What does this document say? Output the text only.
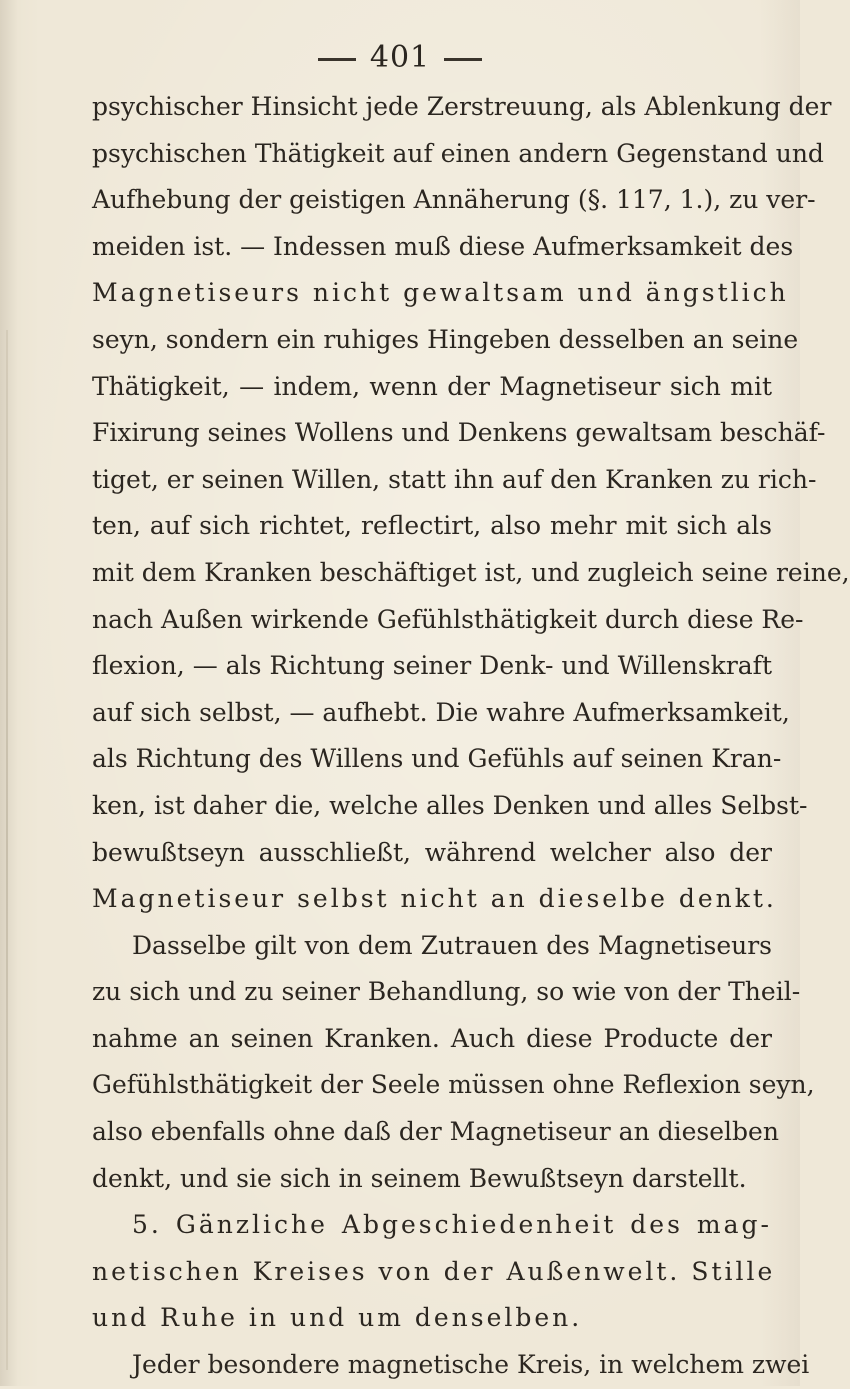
401
psychischer Hinsicht jede Zerstreuung, als Ablenkung der
psychischen Thätigkeit auf einen andern Gegenstand und
Aufhebung der geistigen Annäherung (§. 117, 1.), zu ver-
meiden ist. — Indessen muß diese Aufmerksamkeit des
Magnetiseurs nicht gewaltsam und ängstlich
seyn, sondern ein ruhiges Hingeben desselben an seine
Thätigkeit, — indem, wenn der Magnetiseur sich mit
Fixirung seines Wollens und Denkens gewaltsam beschäf-
tiget, er seinen Willen, statt ihn auf den Kranken zu rich-
ten, auf sich richtet, reflectirt, also mehr mit sich als
mit dem Kranken beschäftiget ist, und zugleich seine reine,
nach Außen wirkende Gefühlsthätigkeit durch diese Re-
flexion, — als Richtung seiner Denk- und Willenskraft
auf sich selbst, — aufhebt. Die wahre Aufmerksamkeit,
als Richtung des Willens und Gefühls auf seinen Kran-
ken, ist daher die, welche alles Denken und alles Selbst-
bewußtseyn ausschließt, während welcher also der
Magnetiseur selbst nicht an dieselbe denkt.
Dasselbe gilt von dem Zutrauen des Magnetiseurs
zu sich und zu seiner Behandlung, so wie von der Theil-
nahme an seinen Kranken. Auch diese Producte der
Gefühlsthätigkeit der Seele müssen ohne Reflexion seyn,
also ebenfalls ohne daß der Magnetiseur an dieselben
denkt, und sie sich in seinem Bewußtseyn darstellt.
5. Gänzliche Abgeschiedenheit des mag-
netischen Kreises von der Außenwelt. Stille
und Ruhe in und um denselben.
Jeder besondere magnetische Kreis, in welchem zwei
